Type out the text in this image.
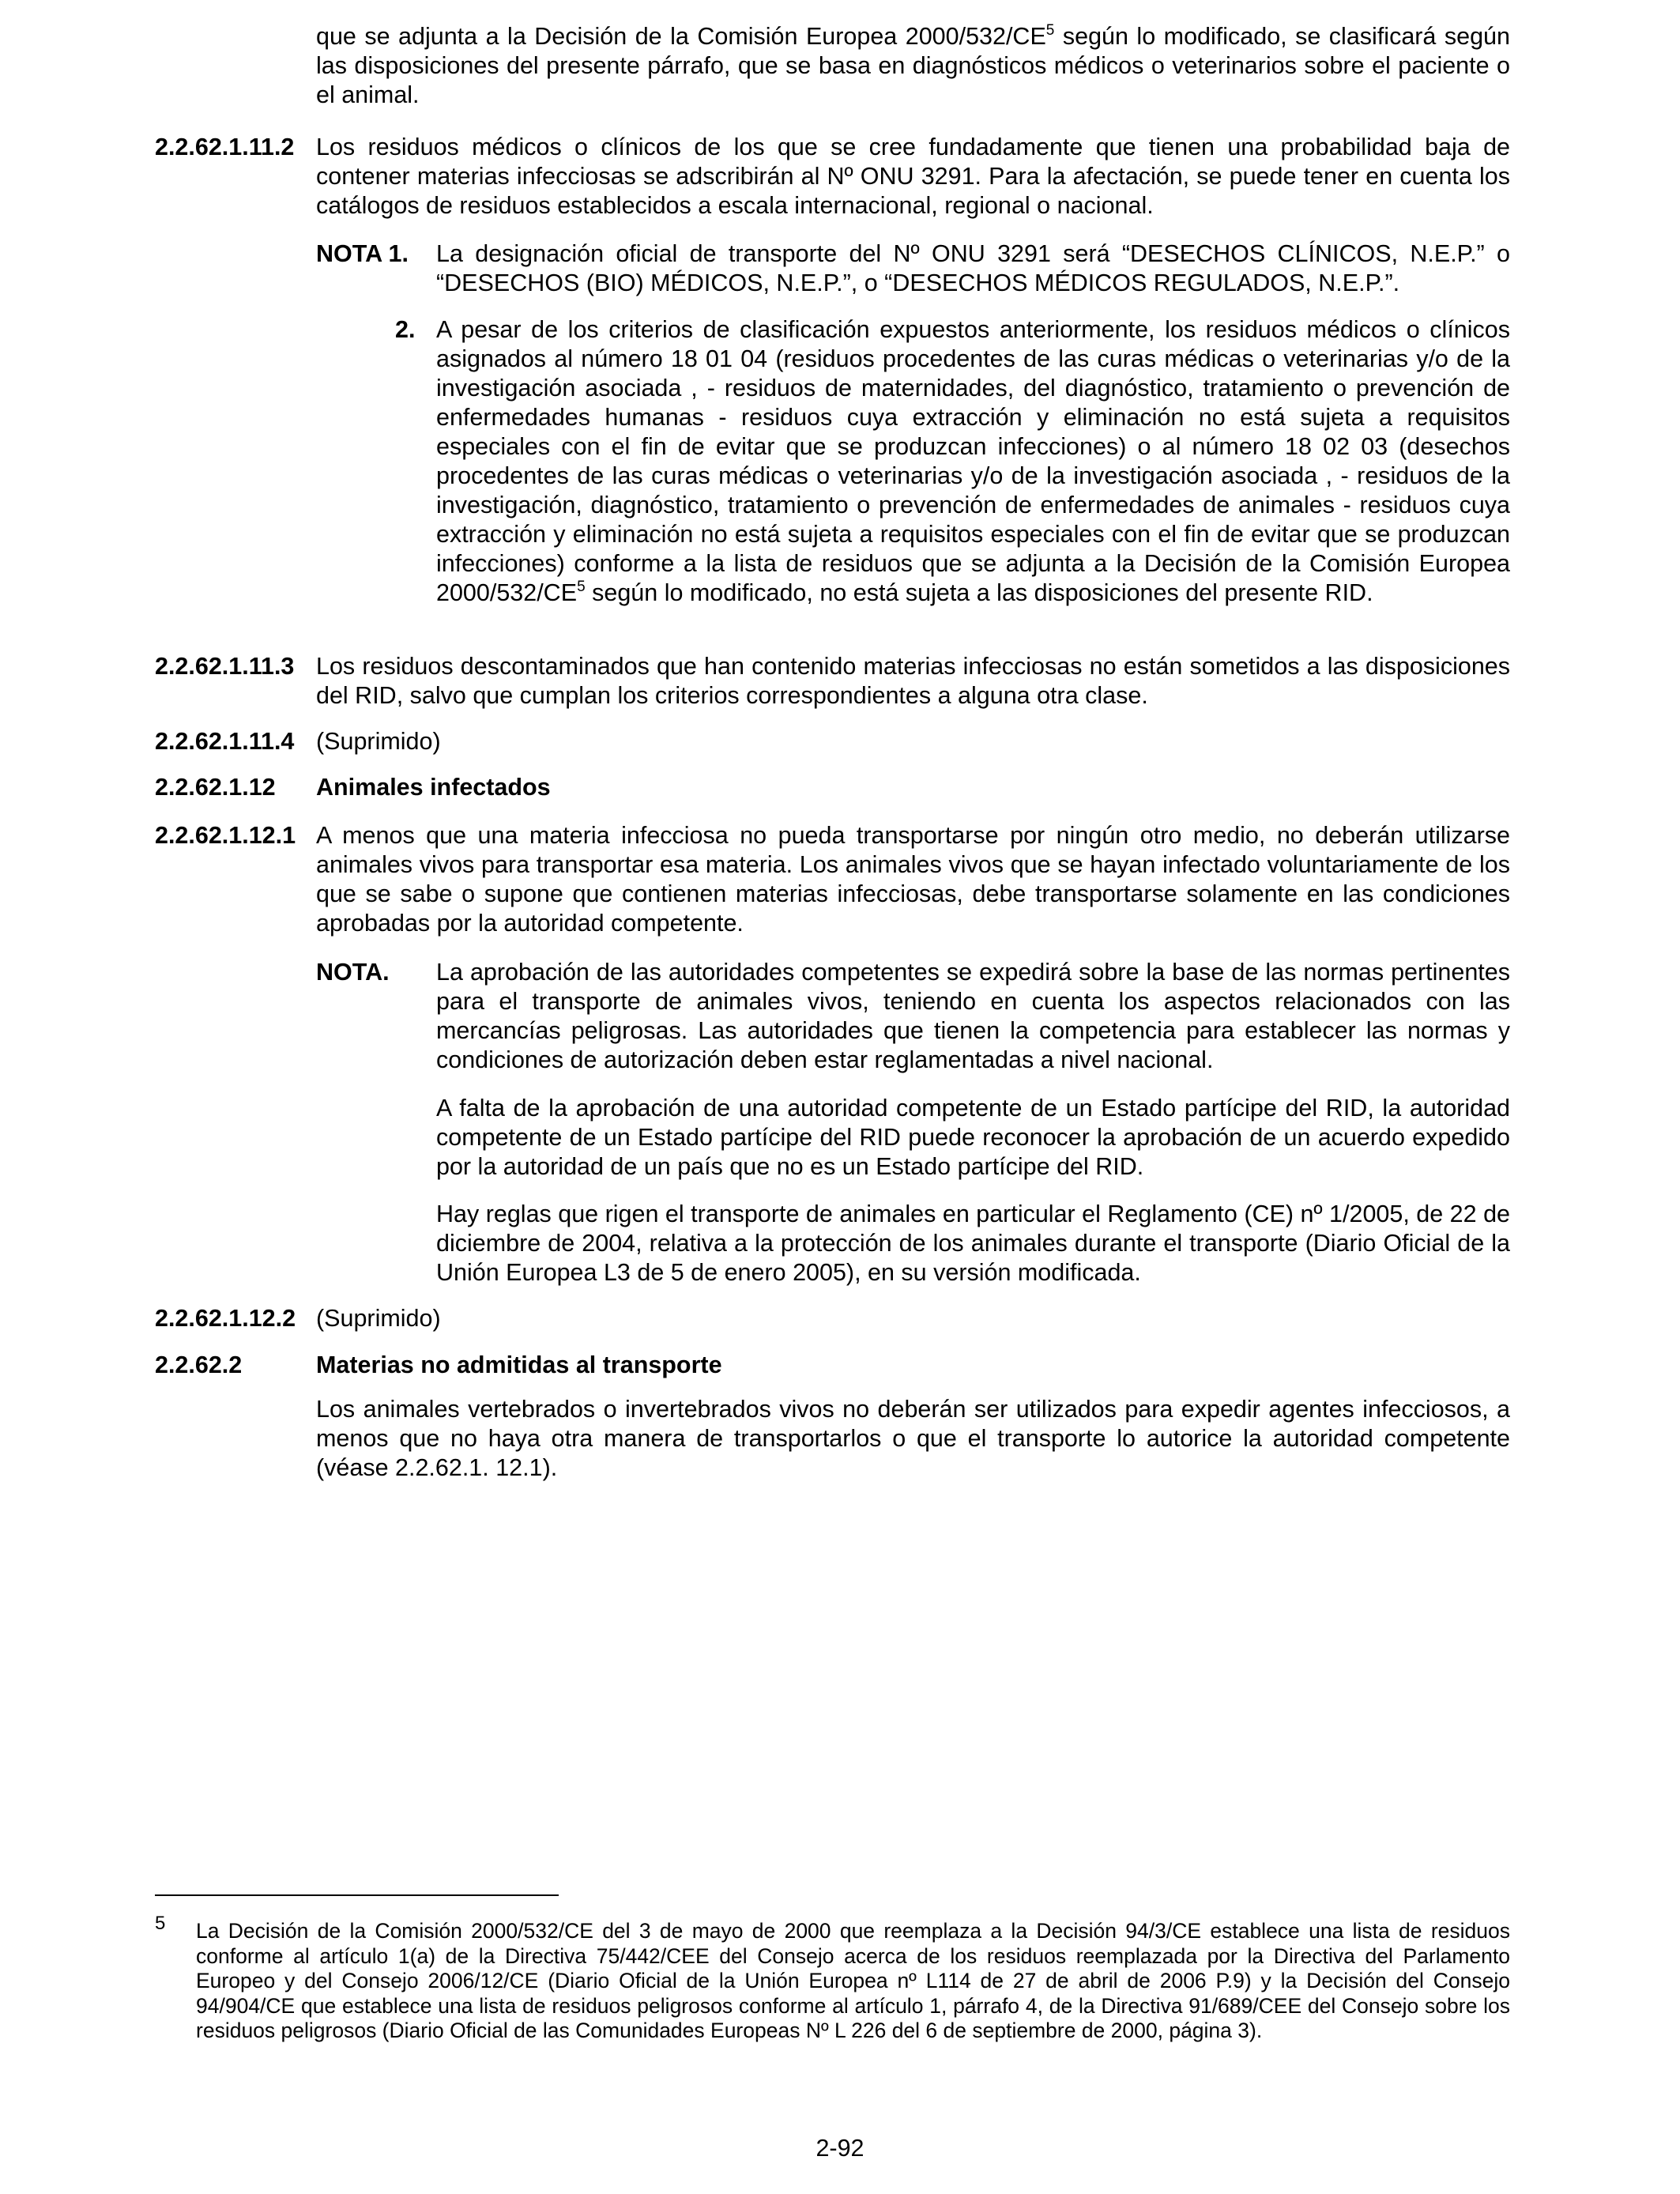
que se adjunta a la Decisión de la Comisión Europea $2000/532/CE^5$ según lo modificado, se clasificará según las disposiciones del presente párrafo, que se basa en diagnósticos médicos o veterinarios sobre el paciente o el animal.
2.2.62.1.11.2 Los residuos médicos o clínicos de los que se cree fundadamente que tienen una probabilidad baja de contener materias infecciosas se adscribirán al Nº ONU 3291. Para la afectación, se puede tener en cuenta los catálogos de residuos establecidos a escala internacional, regional o nacional.
NOTA 1. La designación oficial de transporte del Nº ONU 3291 será “DESECHOS CLÍNICOS, N.E.P.” o “DESECHOS (BIO) MÉDICOS, N.E.P.”, o “DESECHOS MÉDICOS REGULADOS, N.E.P.”.
2. A pesar de los criterios de clasificación expuestos anteriormente, los residuos médicos o clínicos asignados al número 18 01 04 (residuos procedentes de las curas médicas o veterinarias y/o de la investigación asociada , - residuos de maternidades, del diagnóstico, tratamiento o prevención de enfermedades humanas - residuos cuya extracción y eliminación no está sujeta a requisitos especiales con el fin de evitar que se produzcan infecciones) o al número 18 02 03 (desechos procedentes de las curas médicas o veterinarias y/o de la investigación asociada , - residuos de la investigación, diagnóstico, tratamiento o prevención de enfermedades de animales - residuos cuya extracción y eliminación no está sujeta a requisitos especiales con el fin de evitar que se produzcan infecciones) conforme a la lista de residuos que se adjunta a la Decisión de la Comisión Europea $2000/532/CE^5$ según lo modificado, no está sujeta a las disposiciones del presente RID.
2.2.62.1.11.3 Los residuos descontaminados que han contenido materias infecciosas no están sometidos a las disposiciones del RID, salvo que cumplan los criterios correspondientes a alguna otra clase.
2.2.62.1.11.4 (Suprimido)
2.2.62.1.12 Animales infectados
2.2.62.1.12.1 A menos que una materia infecciosa no pueda transportarse por ningún otro medio, no deberán utilizarse animales vivos para transportar esa materia. Los animales vivos que se hayan infectado voluntariamente de los que se sabe o supone que contienen materias infecciosas, debe transportarse solamente en las condiciones aprobadas por la autoridad competente.
NOTA. La aprobación de las autoridades competentes se expedirá sobre la base de las normas pertinentes para el transporte de animales vivos, teniendo en cuenta los aspectos relacionados con las mercancías peligrosas. Las autoridades que tienen la competencia para establecer las normas y condiciones de autorización deben estar reglamentadas a nivel nacional.
A falta de la aprobación de una autoridad competente de un Estado partícipe del RID, la autoridad competente de un Estado partícipe del RID puede reconocer la aprobación de un acuerdo expedido por la autoridad de un país que no es un Estado partícipe del RID.
Hay reglas que rigen el transporte de animales en particular el Reglamento (CE) nº 1/2005, de 22 de diciembre de 2004, relativa a la protección de los animales durante el transporte (Diario Oficial de la Unión Europea L3 de 5 de enero 2005), en su versión modificada.
2.2.62.1.12.2 (Suprimido)
2.2.62.2	Materias no admitidas al transporte
Los animales vertebrados o invertebrados vivos no deberán ser utilizados para expedir agentes infecciosos, a menos que no haya otra manera de transportarlos o que el transporte lo autorice la autoridad competente (véase 2.2.62.1. 12.1).
5 La Decisión de la Comisión 2000/532/CE del 3 de mayo de 2000 que reemplaza a la Decisión 94/3/CE establece una lista de residuos conforme al artículo 1(a) de la Directiva 75/442/CEE del Consejo acerca de los residuos reemplazada por la Directiva del Parlamento Europeo y del Consejo 2006/12/CE (Diario Oficial de la Unión Europea nº L114 de 27 de abril de 2006 P.9) y la Decisión del Consejo 94/904/CE que establece una lista de residuos peligrosos conforme al artículo 1, párrafo 4, de la Directiva 91/689/CEE del Consejo sobre los residuos peligrosos (Diario Oficial de las Comunidades Europeas Nº L 226 del 6 de septiembre de 2000, página 3).
2-92
